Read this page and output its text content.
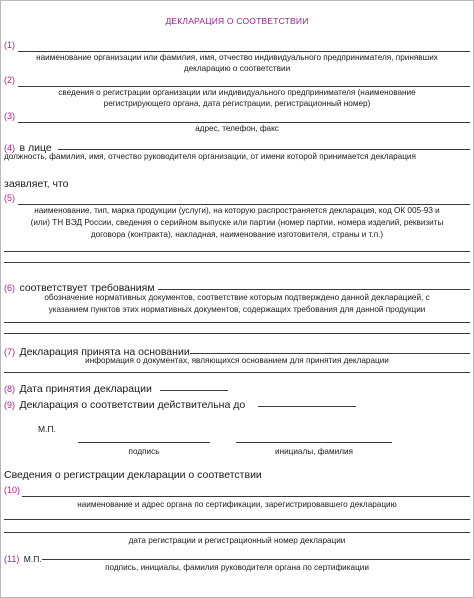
ДЕКЛАРАЦИЯ О СООТВЕТСТВИИ
(1)
наименование организации или фамилия, имя, отчество индивидуального предпринимателя, принявших
декларацию о соответствии
(2)
сведения о регистрации организации или индивидуального предпринимателя (наименование
регистрирующего органа, дата регистрации, регистрационный номер)
(3)
адрес, телефон, факс
(4) в лице
должность, фамилия, имя, отчество руководителя организации, от имени которой принимается декларация
заявляет, что
(5)
наименование, тип, марка продукции (услуги), на которую распространяется декларация, код ОК 005-93 и
(или) ТН ВЭД России, сведения о серийном выпуске или партии (номер партии, номера изделий, реквизиты
договора (контракта), накладная, наименование изготовителя, страны и т.п.)
(6) соответствует требованиям
обозначение нормативных документов, соответствие которым подтверждено данной декларацией, с
указанием пунктов этих нормативных документов, содержащих требования для данной продукции
(7) Декларация принята на основании
информация о документах, являющихся основанием для принятия декларации
(8) Дата принятия декларации
(9) Декларация о соответствии действительна до
М.П.
подпись	инициалы, фамилия
Сведения о регистрации декларации о соответствии
(10)
наименование и адрес органа по сертификации, зарегистрировавшего декларацию
дата регистрации и регистрационный номер декларации
(11) М.П.
подпись, инициалы, фамилия руководителя органа по сертификации
